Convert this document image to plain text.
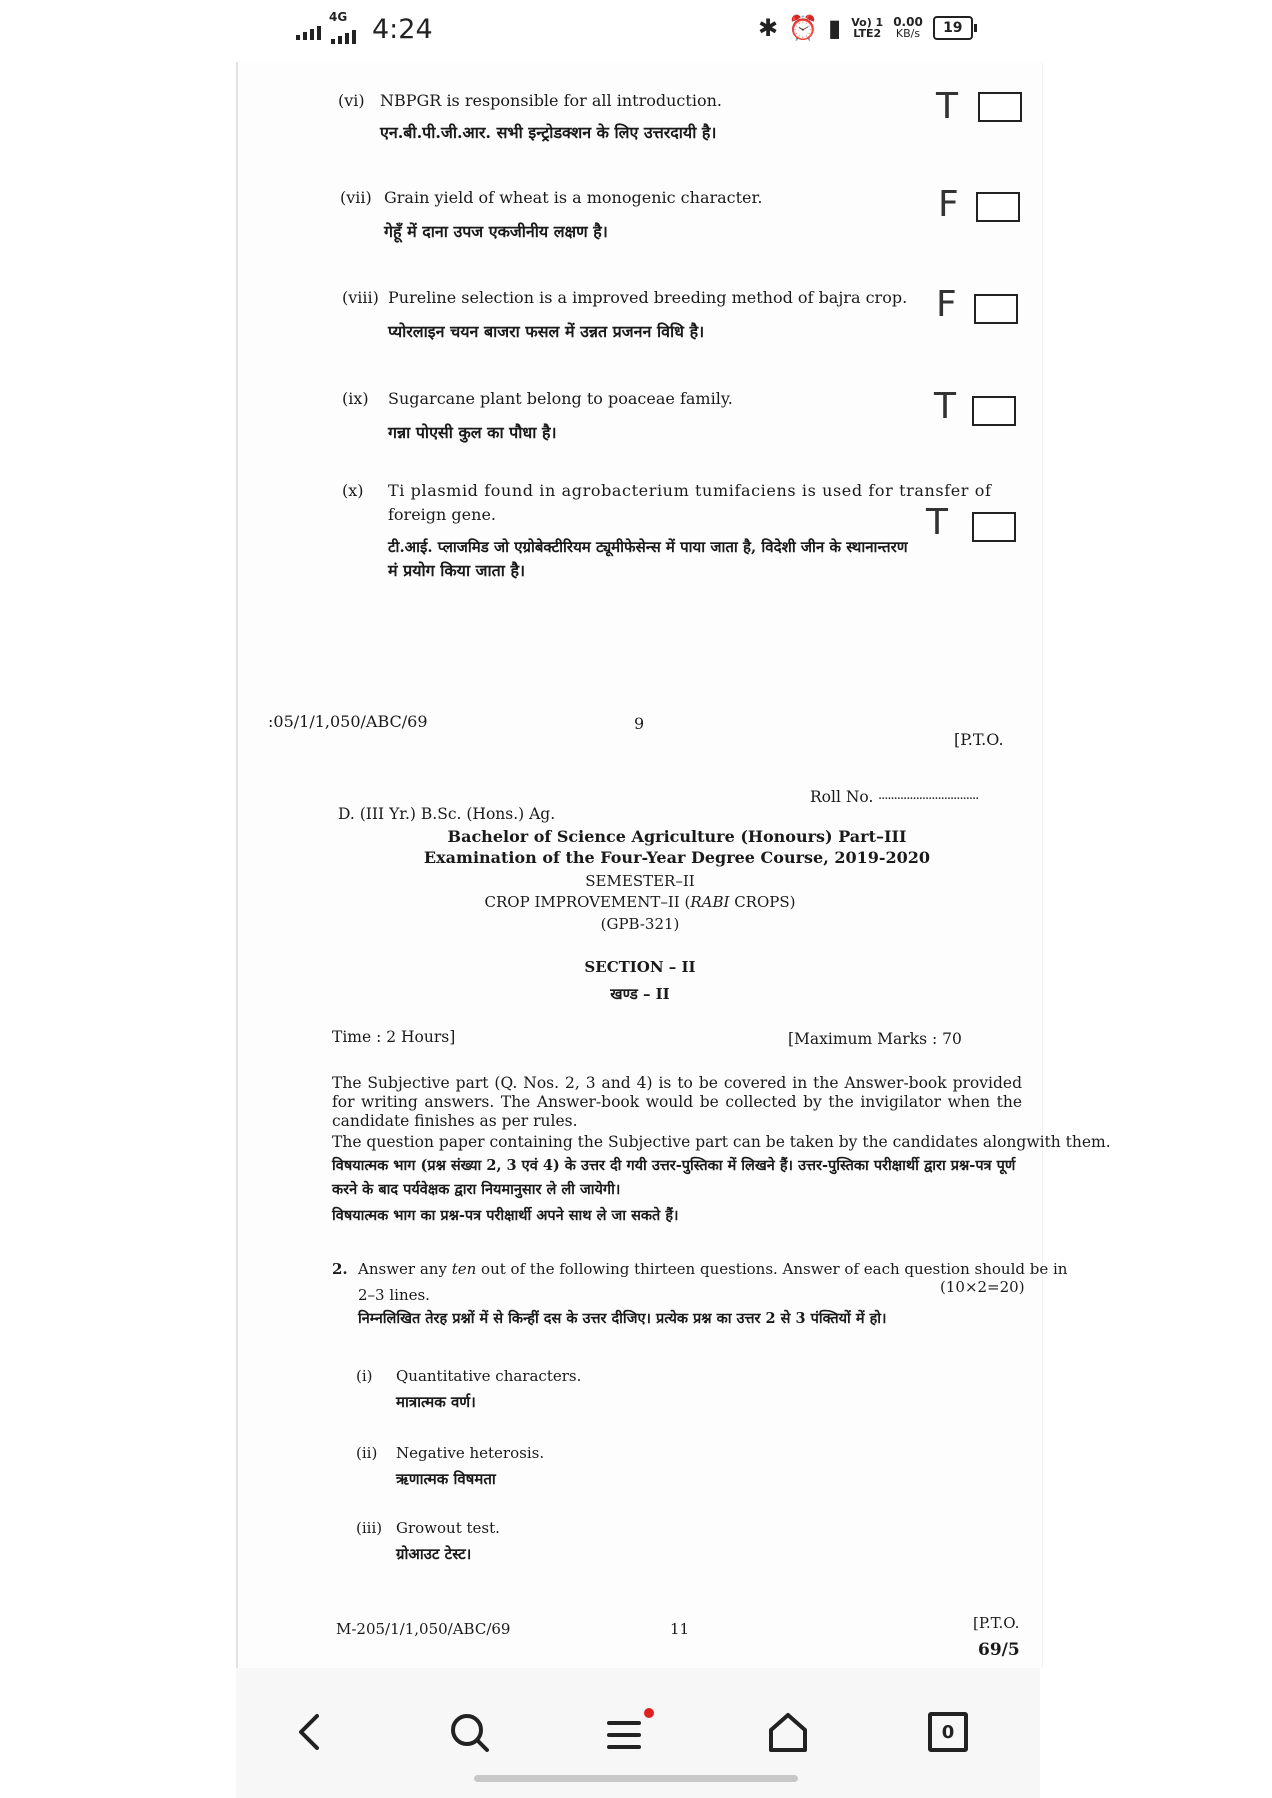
4G 4:24	✱ ⏰ ▮ Vo) 1
LTE2
0.00
KB/s	19
(vi) NBPGR is responsible for all introduction.
एन.बी.पी.जी.आर. सभी इन्ट्रोडक्शन के लिए उत्तरदायी है।
T
(vii) Grain yield of wheat is a monogenic character.
गेहूँ में दाना उपज एकजीनीय लक्षण है।
F
(viii) Pureline selection is a improved breeding method of bajra crop.
प्योरलाइन चयन बाजरा फसल में उन्नत प्रजनन विधि है।
F
(ix) Sugarcane plant belong to poaceae family.
गन्ना पोएसी कुल का पौधा है।
T
(x) Ti plasmid found in agrobacterium tumifaciens is used for transfer of
foreign gene.
टी.आई. प्लाजमिड जो एग्रोबेक्टीरियम ट्यूमीफेसेन्स में पाया जाता है, विदेशी जीन के स्थानान्तरण
मं प्रयोग किया जाता है।
T
:05/1/1,050/ABC/69	9
[P.T.O.
Roll No. ................................
D. (III Yr.) B.Sc. (Hons.) Ag.
Bachelor of Science Agriculture (Honours) Part–III
Examination of the Four-Year Degree Course, 2019-2020
SEMESTER–II
CROP IMPROVEMENT–II (RABI CROPS)
(GPB-321)
SECTION – II
खण्ड – II
Time : 2 Hours]	[Maximum Marks : 70
The Subjective part (Q. Nos. 2, 3 and 4) is to be covered in the Answer-book provided for writing answers. The Answer-book would be collected by the invigilator when the candidate finishes as per rules.
The question paper containing the Subjective part can be taken by the candidates alongwith them.
विषयात्मक भाग (प्रश्न संख्या 2, 3 एवं 4) के उत्तर दी गयी उत्तर-पुस्तिका में लिखने हैं। उत्तर-पुस्तिका परीक्षार्थी द्वारा प्रश्न-पत्र पूर्ण करने के बाद पर्यवेक्षक द्वारा नियमानुसार ले ली जायेगी।
विषयात्मक भाग का प्रश्न-पत्र परीक्षार्थी अपने साथ ले जा सकते हैं।
2. Answer any ten out of the following thirteen questions. Answer of each question should be in
2–3 lines.	(10×2=20)
निम्नलिखित तेरह प्रश्नों में से किन्हीं दस के उत्तर दीजिए। प्रत्येक प्रश्न का उत्तर 2 से 3 पंक्तियों में हो।
(i) Quantitative characters.
मात्रात्मक वर्ण।
(ii) Negative heterosis.
ऋणात्मक विषमता
(iii) Growout test.
ग्रोआउट टेस्ट।
M-205/1/1,050/ABC/69	11	[P.T.O.
69/5
0
